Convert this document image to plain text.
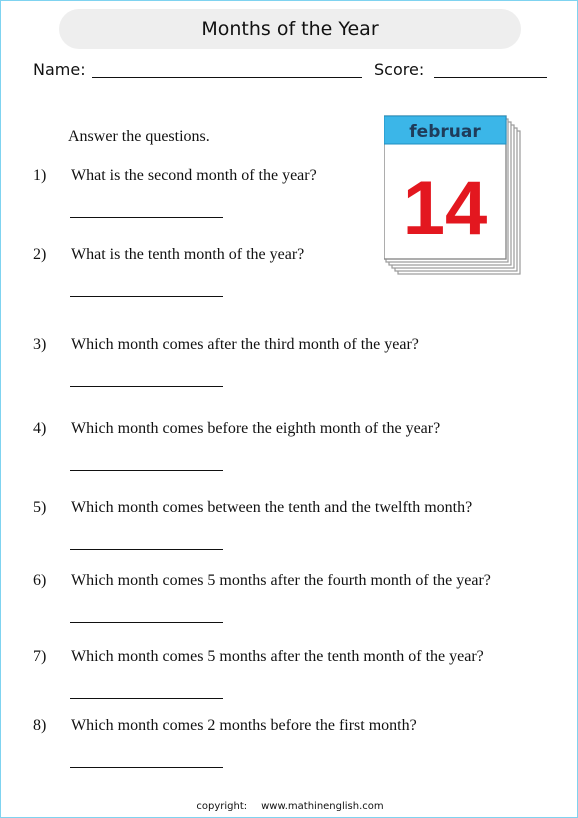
Months of the Year
Name:	Score:
Answer the questions.
1) What is the second month of the year?
2) What is the tenth month of the year?
3) Which month comes after the third month of the year?
4) Which month comes before the eighth month of the year?
5) Which month comes between the tenth and the twelfth month?
6) Which month comes 5 months after the fourth month of the year?
7) Which month comes 5 months after the tenth month of the year?
8) Which month comes 2 months before the first month?
februar
14
copyright: www.mathinenglish.com
